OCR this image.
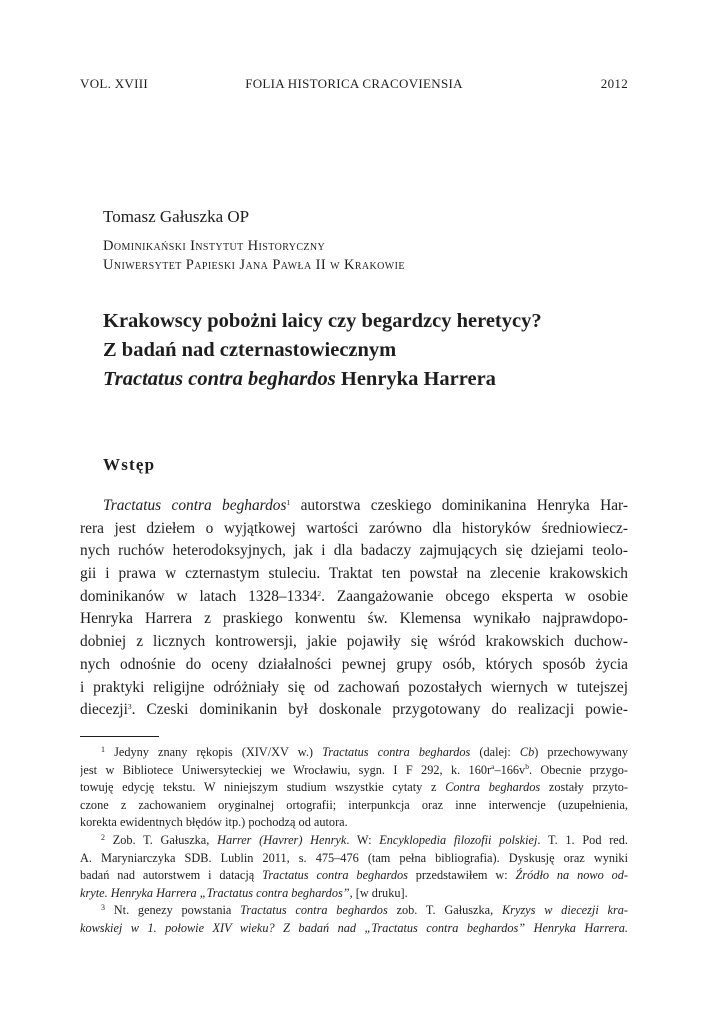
VOL. XVIII	FOLIA HISTORICA CRACOVIENSIA	2012
Tomasz Gałuszka OP
Dominikański Instytut Historyczny
Uniwersytet Papieski Jana Pawła II w Krakowie
Krakowscy pobożni laicy czy begardzcy heretycy?
Z badań nad czternastowiecznym
Tractatus contra beghardos Henryka Harrera
Wstęp
Tractatus contra beghardos$^1$ autorstwa czeskiego dominikanina Henryka Har-
rera jest dziełem o wyjątkowej wartości zarówno dla historyków średniowiecz-
nych ruchów heterodoksyjnych, jak i dla badaczy zajmujących się dziejami teolo-
gii i prawa w czternastym stuleciu. Traktat ten powstał na zlecenie krakowskich
dominikanów w latach 1328–1334$^2$. Zaangażowanie obcego eksperta w osobie
Henryka Harrera z praskiego konwentu św. Klemensa wynikało najprawdopo-
dobniej z licznych kontrowersji, jakie pojawiły się wśród krakowskich duchow-
nych odnośnie do oceny działalności pewnej grupy osób, których sposób życia
i praktyki religijne odróżniały się od zachowań pozostałych wiernych w tutejszej
diecezji$^3$. Czeski dominikanin był doskonale przygotowany do realizacji powie-
$^1$ Jedyny znany rękopis (XIV/XV w.) Tractatus contra beghardos (dalej: Cb) przechowywany
jest w Bibliotece Uniwersyteckiej we Wrocławiu, sygn. I F 292, k. $160r^a-166v^b$. Obecnie przygo-
towuję edycję tekstu. W niniejszym studium wszystkie cytaty z Contra beghardos zostały przyto-
czone z zachowaniem oryginalnej ortografii; interpunkcja oraz inne interwencje (uzupełnienia,
korekta ewidentnych błędów itp.) pochodzą od autora.
$^2$ Zob. T. Gałuszka, Harrer (Havrer) Henryk. W: Encyklopedia filozofii polskiej. T. 1. Pod red.
A. Maryniarczyka SDB. Lublin 2011, s. 475–476 (tam pełna bibliografia). Dyskusję oraz wyniki
badań nad autorstwem i datacją Tractatus contra beghardos przedstawiłem w: Źródło na nowo od-
kryte. Henryka Harrera „Tractatus contra beghardos”, [w druku].
$^3$ Nt. genezy powstania Tractatus contra beghardos zob. T. Gałuszka, Kryzys w diecezji kra-
kowskiej w 1. połowie XIV wieku? Z badań nad „Tractatus contra beghardos” Henryka Harrera.
